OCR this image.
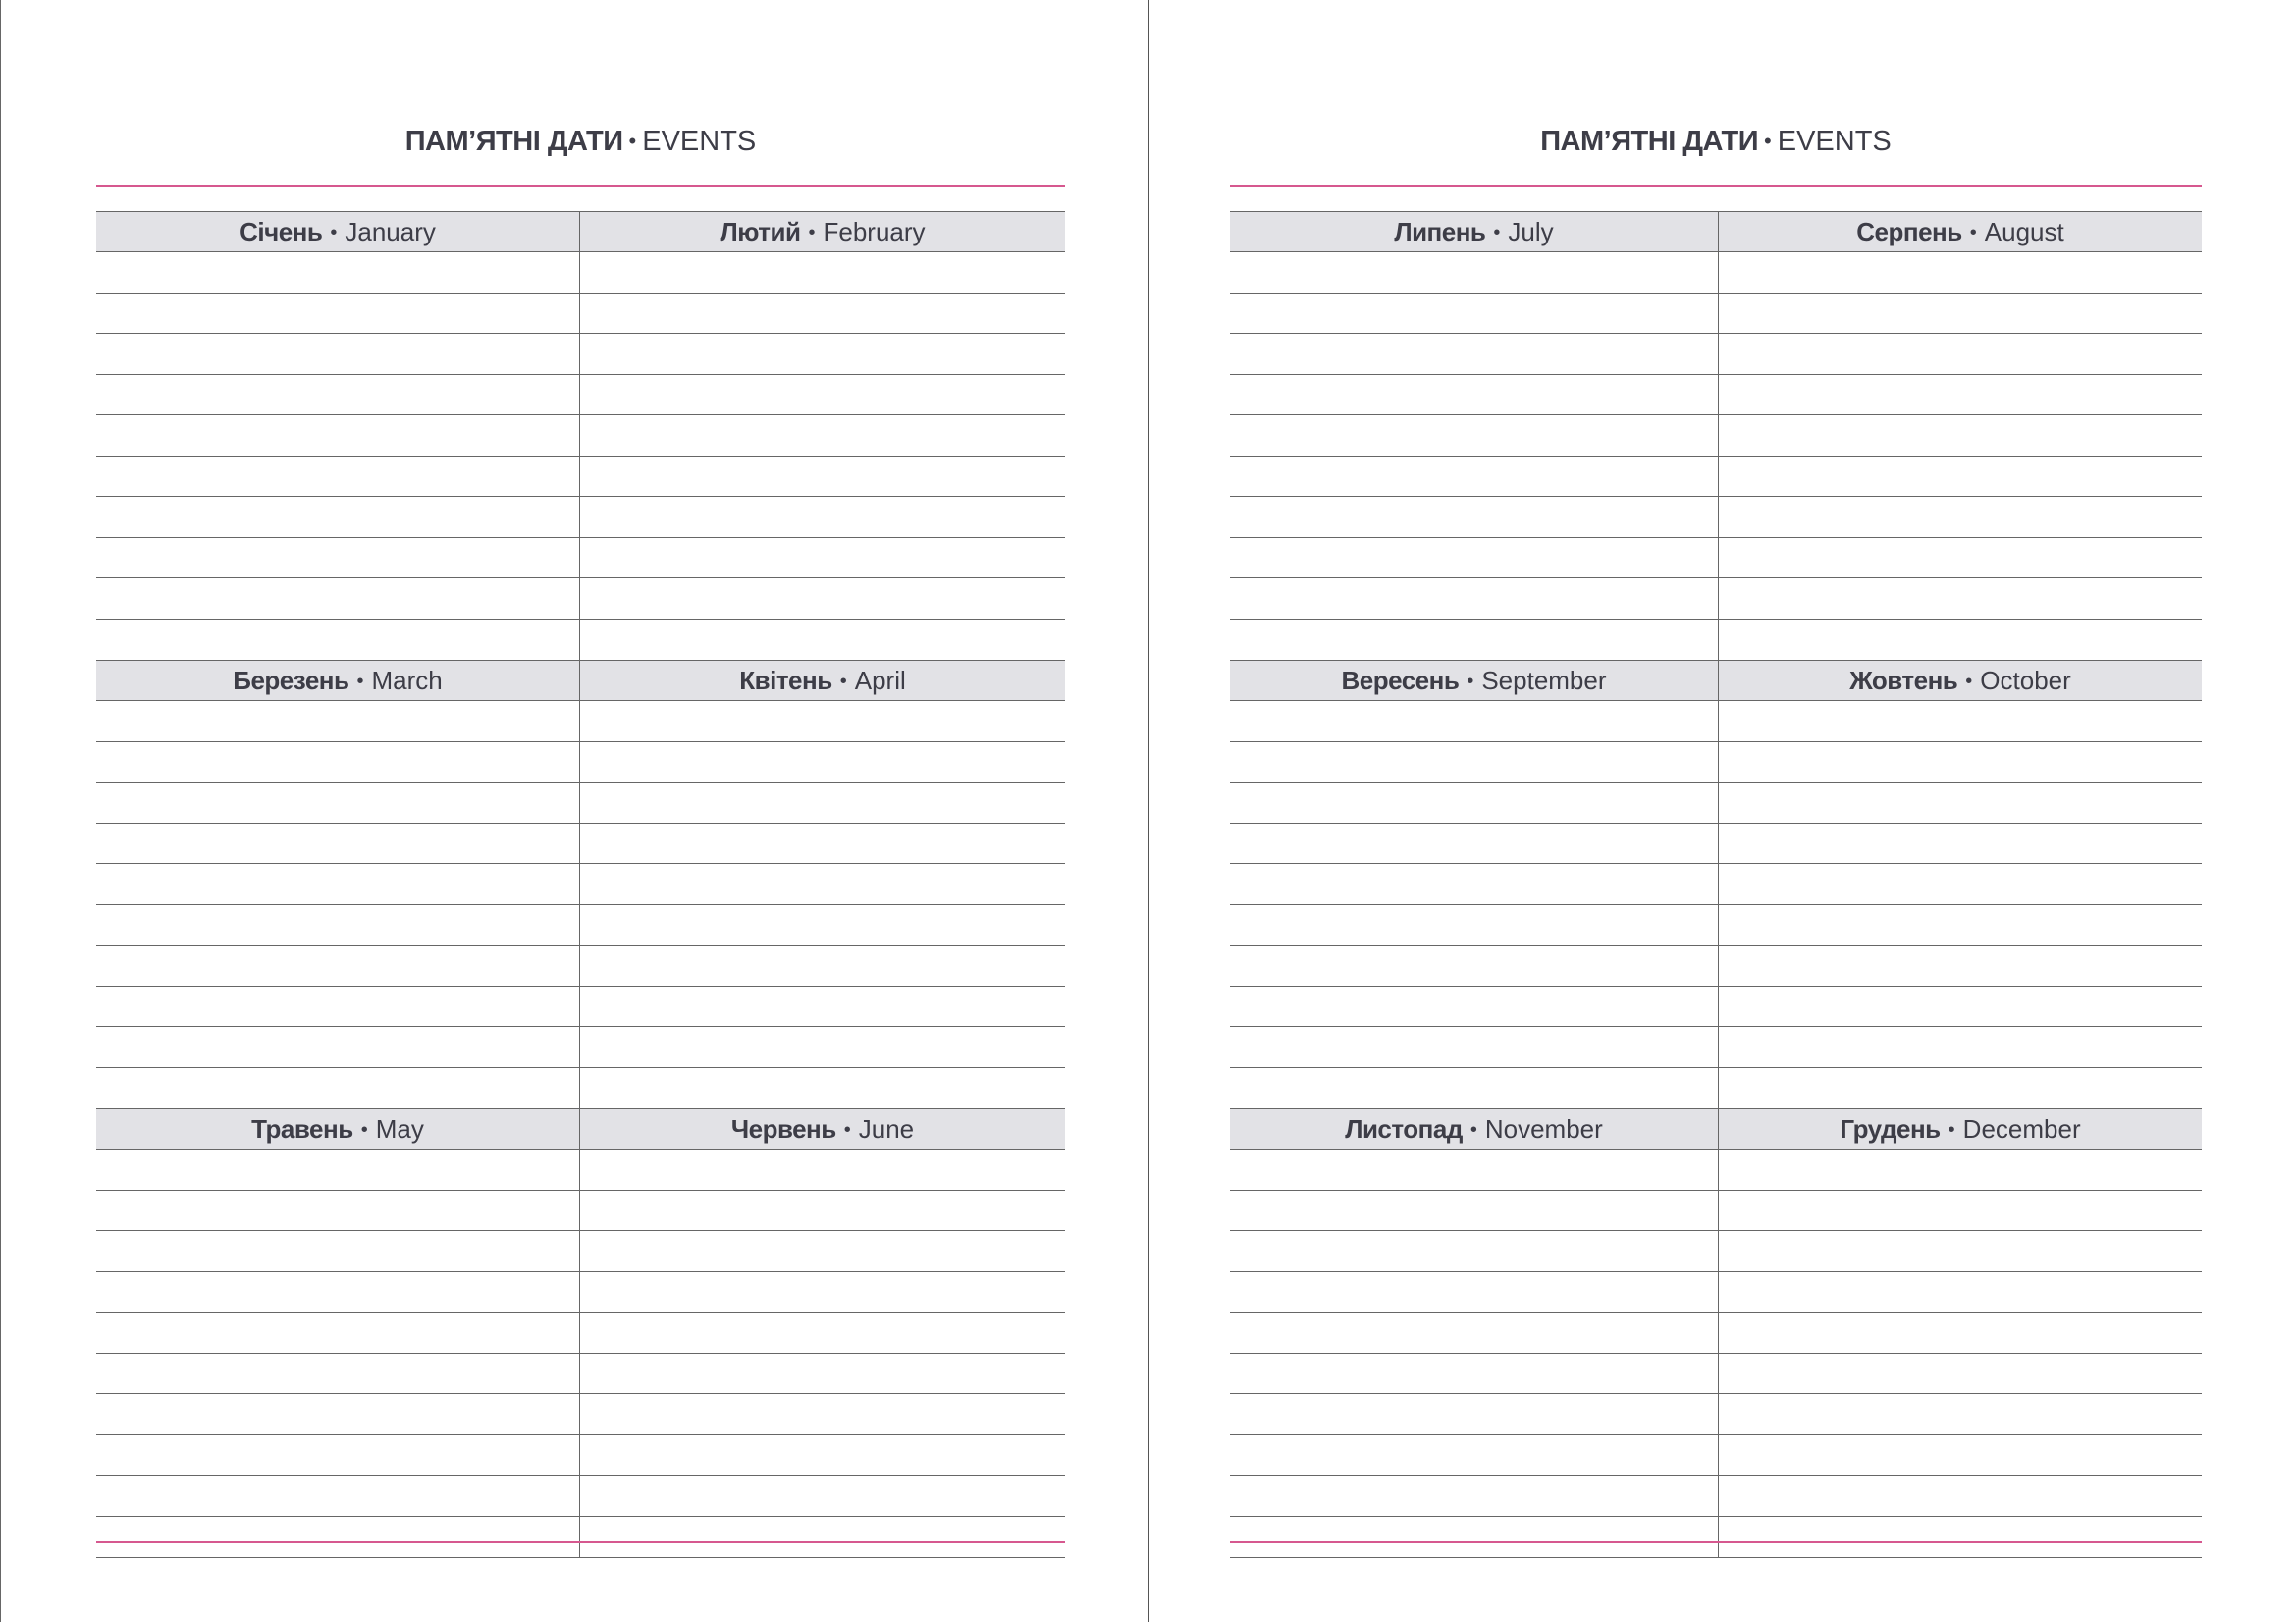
ПАМ’ЯТНІ ДАТИ • EVENTS
Січень • January	Лютий • February
Березень • March	Квітень • April
Травень • May	Червень • June
ПАМ’ЯТНІ ДАТИ • EVENTS
Липень • July	Серпень • August
Вересень • September	Жовтень • October
Листопад • November	Грудень • December
